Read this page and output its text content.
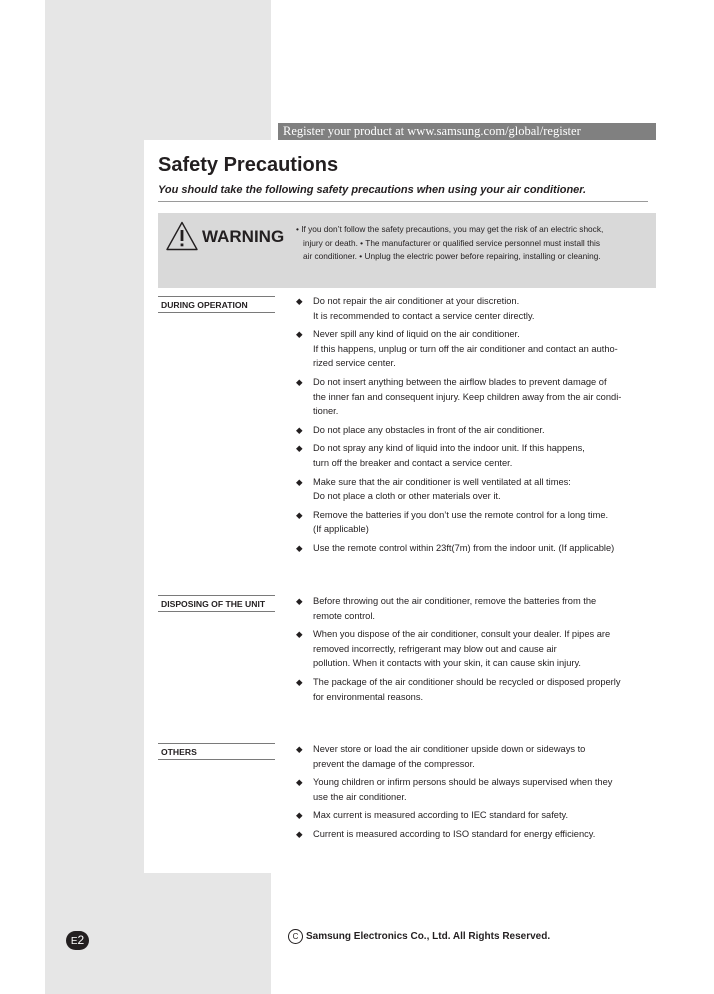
Register your product at www.samsung.com/global/register
Safety Precautions

You should take the following safety precautions when using your air conditioner.

WARNING • If you don’t follow the safety precautions, you may get the risk of an electric shock,
injury or death. • The manufacturer or qualified service personnel must install this
air conditioner. • Unplug the electric power before repairing, installing or cleaning.

DURING OPERATION	◆ Do not repair the air conditioner at your discretion.
It is recommended to contact a service center directly.
◆ Never spill any kind of liquid on the air conditioner.
If this happens, unplug or turn off the air conditioner and contact an autho-
rized service center.
◆ Do not insert anything between the airflow blades to prevent damage of
the inner fan and consequent injury. Keep children away from the air condi-
tioner.
◆ Do not place any obstacles in front of the air conditioner.
◆ Do not spray any kind of liquid into the indoor unit. If this happens,
turn off the breaker and contact a service center.
◆ Make sure that the air conditioner is well ventilated at all times:
Do not place a cloth or other materials over it.
◆ Remove the batteries if you don’t use the remote control for a long time.
(If applicable)
◆ Use the remote control within 23ft(7m) from the indoor unit. (If applicable)

DISPOSING OF THE UNIT	◆ Before throwing out the air conditioner, remove the batteries from the
remote control.
◆ When you dispose of the air conditioner, consult your dealer. If pipes are
removed incorrectly, refrigerant may blow out and cause air
pollution. When it contacts with your skin, it can cause skin injury.
◆ The package of the air conditioner should be recycled or disposed properly
for environmental reasons.

OTHERS	◆ Never store or load the air conditioner upside down or sideways to
prevent the damage of the compressor.
◆ Young children or infirm persons should be always supervised when they
use the air conditioner.
◆ Max current is measured according to IEC standard for safety.
◆ Current is measured according to ISO standard for energy efficiency.
E2	C Samsung Electronics Co., Ltd. All Rights Reserved.
